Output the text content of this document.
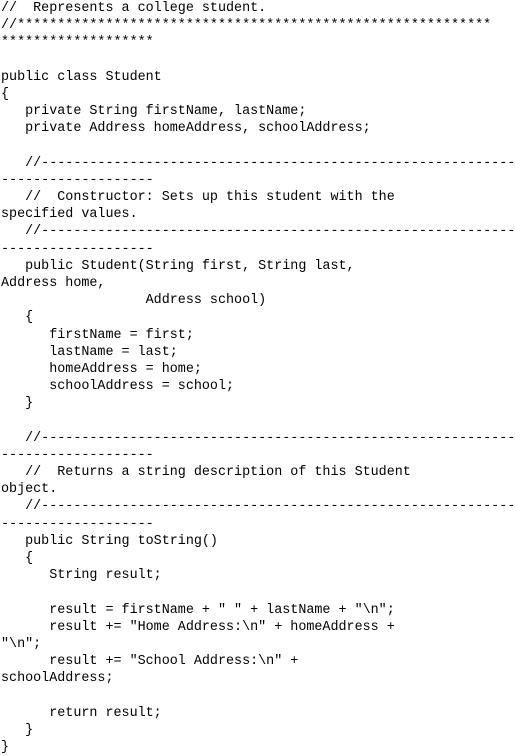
//  Represents a college student.
//***********************************************************
*******************
public class Student
{
private String firstName, lastName;
private Address homeAddress, schoolAddress;
//-----------------------------------------------------------
-------------------
//  Constructor: Sets up this student with the
specified values.
//-----------------------------------------------------------
-------------------
public Student(String first, String last,
Address home,
Address school)
{
firstName = first;
lastName = last;
homeAddress = home;
schoolAddress = school;
}
//-----------------------------------------------------------
-------------------
//  Returns a string description of this Student
object.
//-----------------------------------------------------------
-------------------
public String toString()
{
String result;
result = firstName + " " + lastName + "\n";
result += "Home Address:\n" + homeAddress +
"\n";
result += "School Address:\n" +
schoolAddress;
return result;
}
}
